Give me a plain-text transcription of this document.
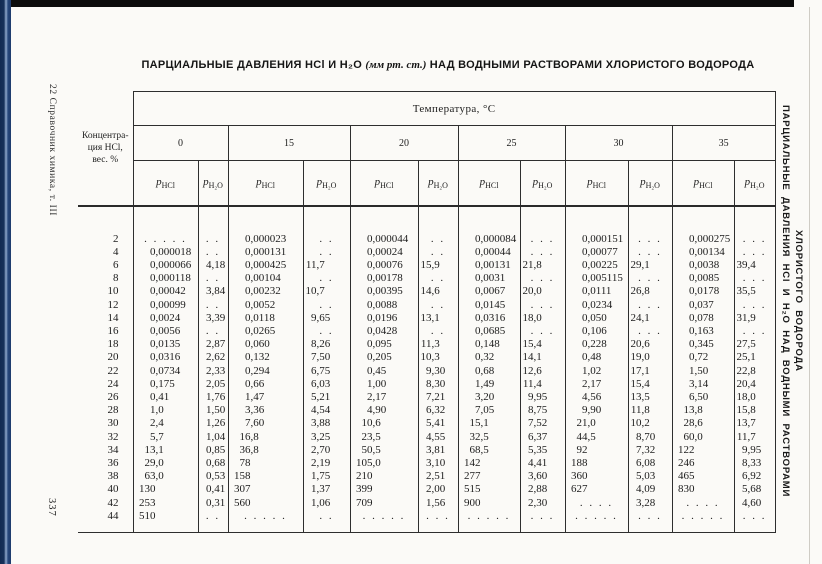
22 Справочник химика, т. III
337
ПАРЦИАЛЬНЫЕ ДАВЛЕНИЯ HCl И H₂O НАД ВОДНЫМИ РАСТВОРАМИ ХЛОРИСТОГО ВОДОРОДА
ПАРЦИАЛЬНЫЕ ДАВЛЕНИЯ HCl И H₂O (мм рт. ст.) НАД ВОДНЫМИ РАСТВОРАМИ ХЛОРИСТОГО ВОДОРОДА
Концентра-
ция HCl,
вес. %	Температура, °С											
	0		15		20		25		30		35	
	$p_{HCl}$	$p_{H_2O}$	$p_{HCl}$	$p_{H_2O}$	$p_{HCl}$	$p_{H_2O}$	$p_{HCl}$	$p_{H_2O}$	$p_{HCl}$	$p_{H_2O}$	$p_{HCl}$	$p_{H_2O}$
2	. . . . .	. .	0,000023	. .	0,000044	. .	0,000084	. . .	0,000151	. . .	0,000275	. . .

4	0,000018	. .	0,000131	. .	0,00024	. .	0,00044	. . .	0,00077	. . .	0,00134	. . .

6	0,000066	4,18	0,000425	11,7	0,00076	15,9	0,00131	21,8	0,00225	29,1	0,0038	39,4
8	0,000118	. .	0,00104	. .	0,00178	. .	0,0031	. . .	0,005115	. . .	0,0085	. . .

10	0,00042	3,84	0,00232	10,7	0,00395	14,6	0,0067	20,0	0,0111	26,8	0,0178	35,5
12	0,00099	. .	0,0052	. .	0,0088	. .	0,0145	. . .	0,0234	. . .	0,037	. . .

14	0,0024	3,39	0,0118	9,65	0,0196	13,1	0,0316	18,0	0,050	24,1	0,078	31,9
16	0,0056	. .	0,0265	. .	0,0428	. .	0,0685	. . .	0,106	. . .	0,163	. . .

18	0,0135	2,87	0,060	8,26	0,095	11,3	0,148	15,4	0,228	20,6	0,345	27,5
20	0,0316	2,62	0,132	7,50	0,205	10,3	0,32	14,1	0,48	19,0	0,72	25,1
22	0,0734	2,33	0,294	6,75	0,45	9,30	0,68	12,6	1,02	17,1	1,50	22,8
24	0,175	2,05	0,66	6,03	1,00	8,30	1,49	11,4	2,17	15,4	3,14	20,4
26	0,41	1,76	1,47	5,21	2,17	7,21	3,20	9,95	4,56	13,5	6,50	18,0
28	1,0	1,50	3,36	4,54	4,90	6,32	7,05	8,75	9,90	11,8	13,8	15,8
30	2,4	1,26	7,60	3,88	10,6	5,41	15,1	7,52	21,0	10,2	28,6	13,7
32	5,7	1,04	16,8	3,25	23,5	4,55	32,5	6,37	44,5	8,70	60,0	11,7
34	13,1	0,85	36,8	2,70	50,5	3,81	68,5	5,35	92	7,32	122	9,95
36	29,0	0,68	78	2,19	105,0	3,10	142	4,41	188	6,08	246	8,33
38	63,0	0,53	158	1,75	210	2,51	277	3,60	360	5,03	465	6,92
40	130	0,41	307	1,37	399	2,00	515	2,88	627	4,09	830	5,68
42	253	0,31	560	1,06	709	1,56	900	2,30	. . . .	3,28	. . . .	4,60
44	510	. .	. . . . .	. .	. . . . .	. . .	. . . . .	. . .	. . . . .	. . .	. . . . .	. . .
